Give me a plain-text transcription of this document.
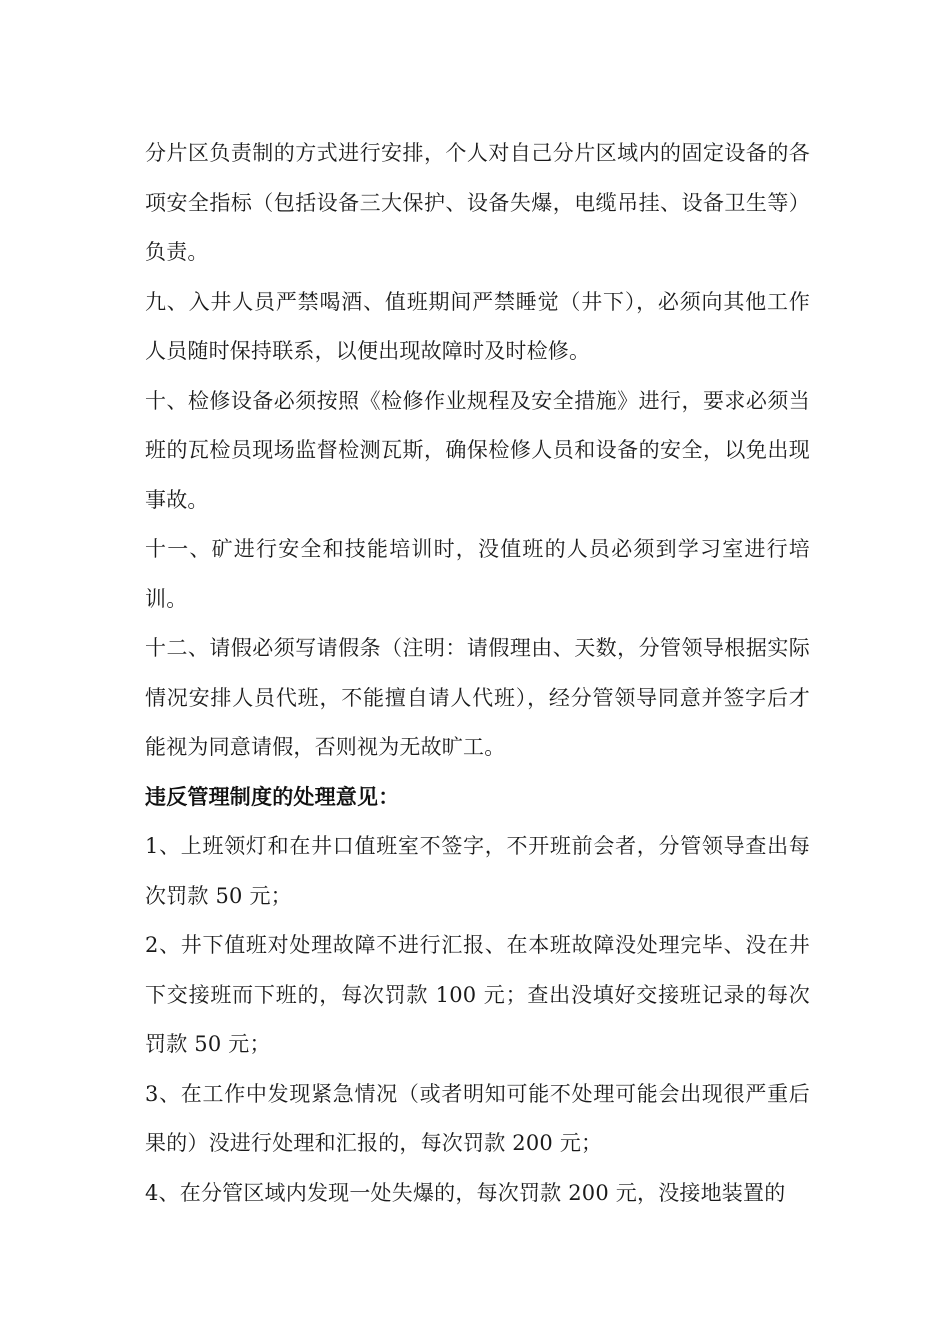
分片区负责制的方式进行安排，个人对自己分片区域内的固定设备的各项安全指标（包括设备三大保护、设备失爆，电缆吊挂、设备卫生等）负责。

九、入井人员严禁喝酒、值班期间严禁睡觉（井下），必须向其他工作人员随时保持联系，以便出现故障时及时检修。

十、检修设备必须按照《检修作业规程及安全措施》进行，要求必须当班的瓦检员现场监督检测瓦斯，确保检修人员和设备的安全，以免出现事故。

十一、矿进行安全和技能培训时，没值班的人员必须到学习室进行培训。

十二、请假必须写请假条（注明：请假理由、天数，分管领导根据实际情况安排人员代班，不能擅自请人代班），经分管领导同意并签字后才能视为同意请假，否则视为无故旷工。

违反管理制度的处理意见：

1、上班领灯和在井口值班室不签字，不开班前会者，分管领导查出每次罚款 50 元；

2、井下值班对处理故障不进行汇报、在本班故障没处理完毕、没在井下交接班而下班的，每次罚款 100 元；查出没填好交接班记录的每次罚款 50 元；

3、在工作中发现紧急情况（或者明知可能不处理可能会出现很严重后果的）没进行处理和汇报的，每次罚款 200 元；

4、在分管区域内发现一处失爆的，每次罚款 200 元，没接地装置的
